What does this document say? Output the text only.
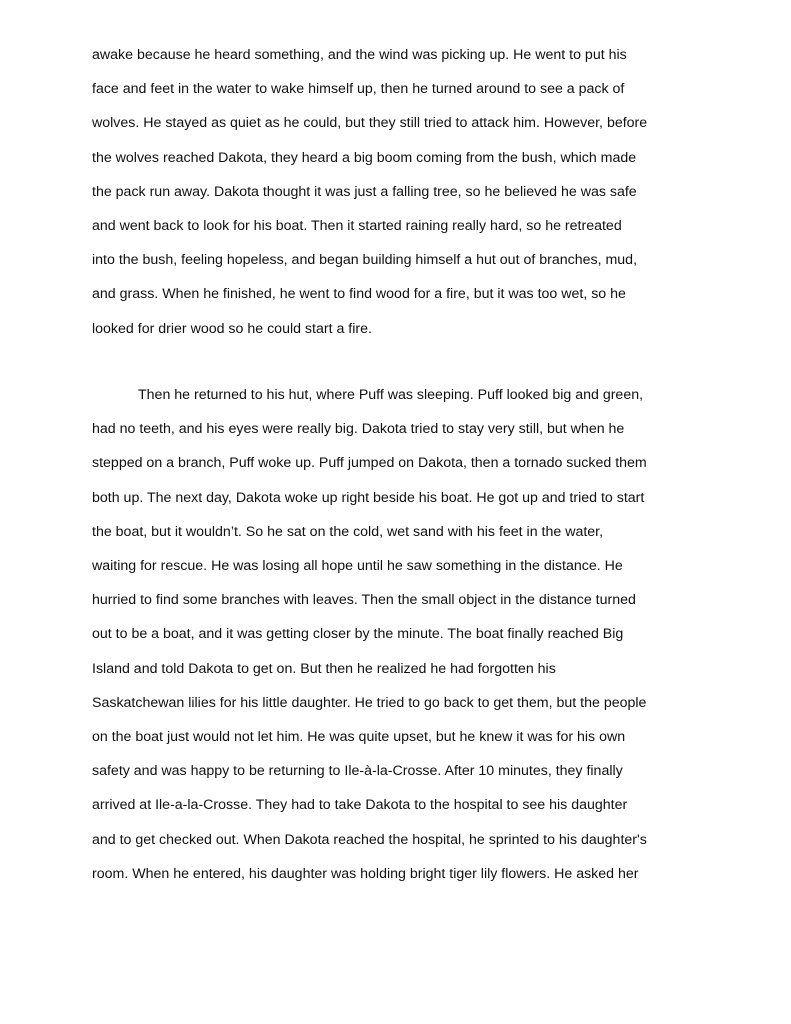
awake because he heard something, and the wind was picking up. He went to put his
face and feet in the water to wake himself up, then he turned around to see a pack of
wolves. He stayed as quiet as he could, but they still tried to attack him. However, before
the wolves reached Dakota, they heard a big boom coming from the bush, which made
the pack run away. Dakota thought it was just a falling tree, so he believed he was safe
and went back to look for his boat. Then it started raining really hard, so he retreated
into the bush, feeling hopeless, and began building himself a hut out of branches, mud,
and grass. When he finished, he went to find wood for a fire, but it was too wet, so he
looked for drier wood so he could start a fire.

Then he returned to his hut, where Puff was sleeping. Puff looked big and green,
had no teeth, and his eyes were really big. Dakota tried to stay very still, but when he
stepped on a branch, Puff woke up. Puff jumped on Dakota, then a tornado sucked them
both up. The next day, Dakota woke up right beside his boat. He got up and tried to start
the boat, but it wouldn’t. So he sat on the cold, wet sand with his feet in the water,
waiting for rescue. He was losing all hope until he saw something in the distance. He
hurried to find some branches with leaves. Then the small object in the distance turned
out to be a boat, and it was getting closer by the minute. The boat finally reached Big
Island and told Dakota to get on. But then he realized he had forgotten his
Saskatchewan lilies for his little daughter. He tried to go back to get them, but the people
on the boat just would not let him. He was quite upset, but he knew it was for his own
safety and was happy to be returning to Ile-à-la-Crosse. After 10 minutes, they finally
arrived at Ile-a-la-Crosse. They had to take Dakota to the hospital to see his daughter
and to get checked out. When Dakota reached the hospital, he sprinted to his daughter's
room. When he entered, his daughter was holding bright tiger lily flowers. He asked her
